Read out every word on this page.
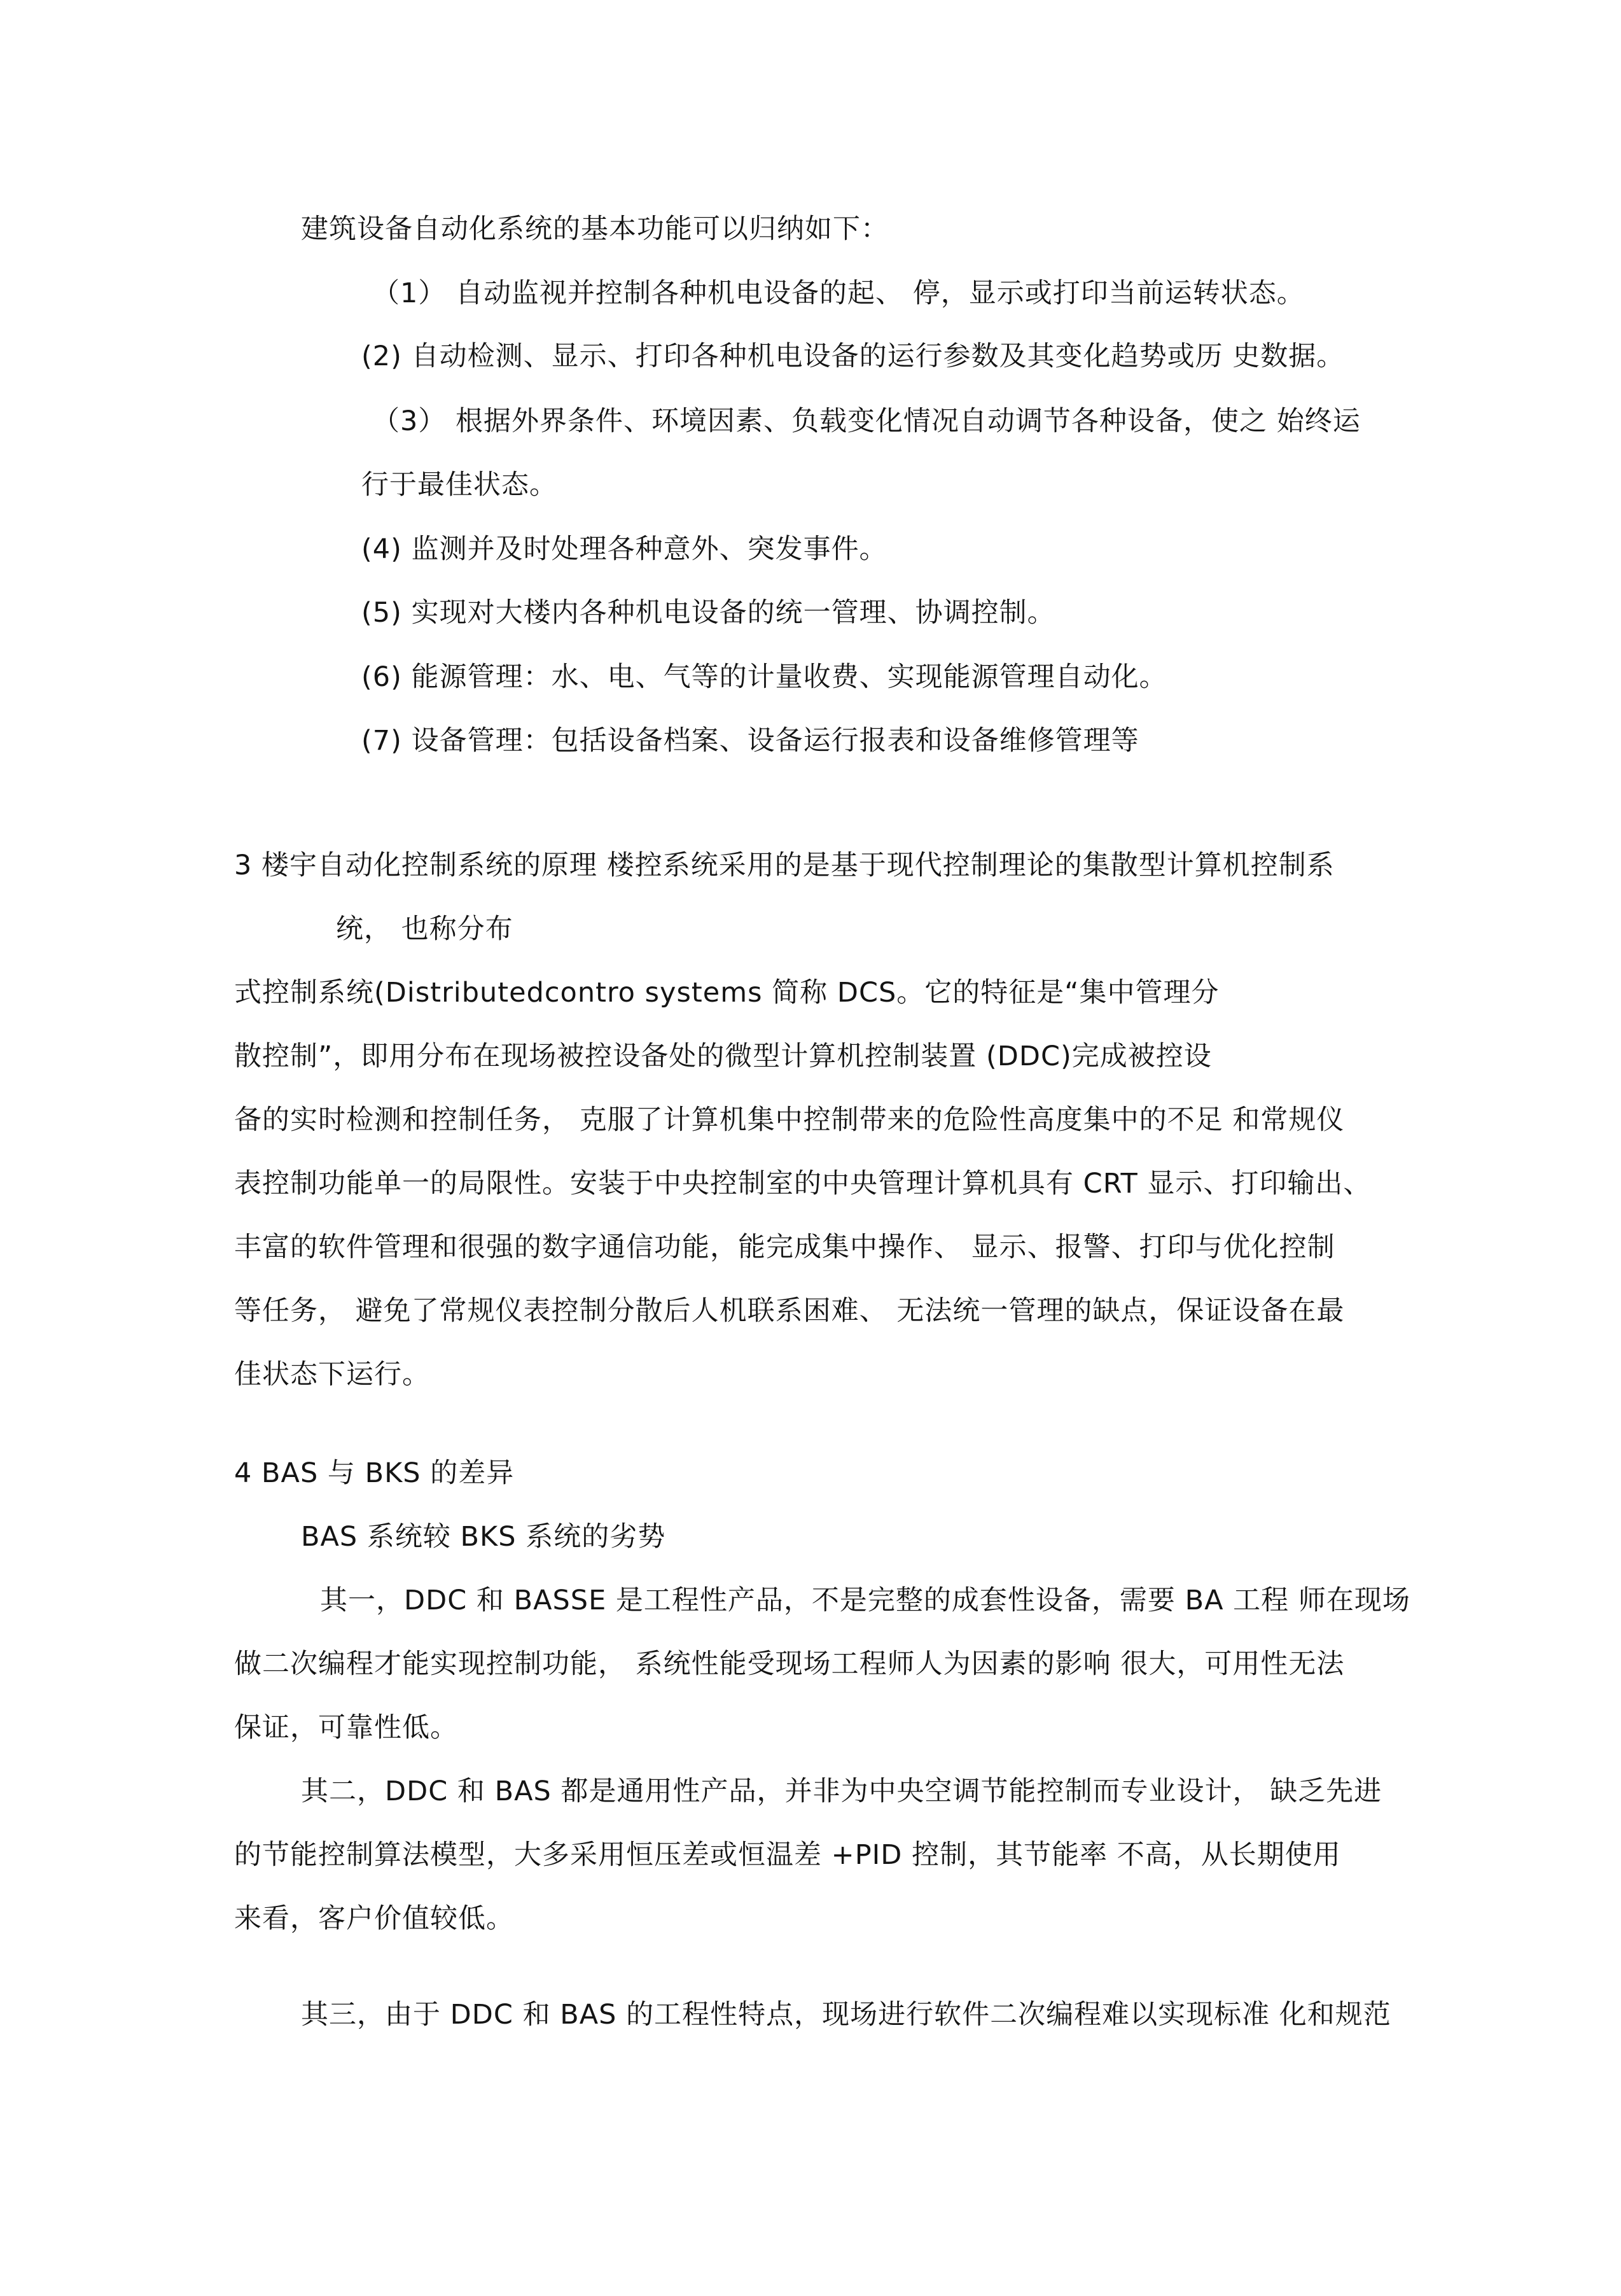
建筑设备自动化系统的基本功能可以归纳如下：
（1） 自动监视并控制各种机电设备的起、 停，显示或打印当前运转状态。
(2) 自动检测、显示、打印各种机电设备的运行参数及其变化趋势或历 史数据。
（3） 根据外界条件、环境因素、负载变化情况自动调节各种设备，使之 始终运
行于最佳状态。
(4) 监测并及时处理各种意外、突发事件。
(5) 实现对大楼内各种机电设备的统一管理、协调控制。
(6) 能源管理：水、电、气等的计量收费、实现能源管理自动化。
(7) 设备管理：包括设备档案、设备运行报表和设备维修管理等
3 楼宇自动化控制系统的原理 楼控系统采用的是基于现代控制理论的集散型计算机控制系
统， 也称分布
式控制系统(Distributedcontro systems 简称 DCS。它的特征是“集中管理分
散控制”，即用分布在现场被控设备处的微型计算机控制装置 (DDC)完成被控设
备的实时检测和控制任务， 克服了计算机集中控制带来的危险性高度集中的不足 和常规仪
表控制功能单一的局限性。安装于中央控制室的中央管理计算机具有 CRT 显示、打印输出、
丰富的软件管理和很强的数字通信功能，能完成集中操作、 显示、报警、打印与优化控制
等任务， 避免了常规仪表控制分散后人机联系困难、 无法统一管理的缺点，保证设备在最
佳状态下运行。
4 BAS 与 BKS 的差异
BAS 系统较 BKS 系统的劣势
其一，DDC 和 BASSE 是工程性产品，不是完整的成套性设备，需要 BA 工程 师在现场
做二次编程才能实现控制功能， 系统性能受现场工程师人为因素的影响 很大，可用性无法
保证，可靠性低。
其二，DDC 和 BAS 都是通用性产品，并非为中央空调节能控制而专业设计， 缺乏先进
的节能控制算法模型，大多采用恒压差或恒温差 +PID 控制，其节能率 不高，从长期使用
来看，客户价值较低。
其三，由于 DDC 和 BAS 的工程性特点，现场进行软件二次编程难以实现标准 化和规范
